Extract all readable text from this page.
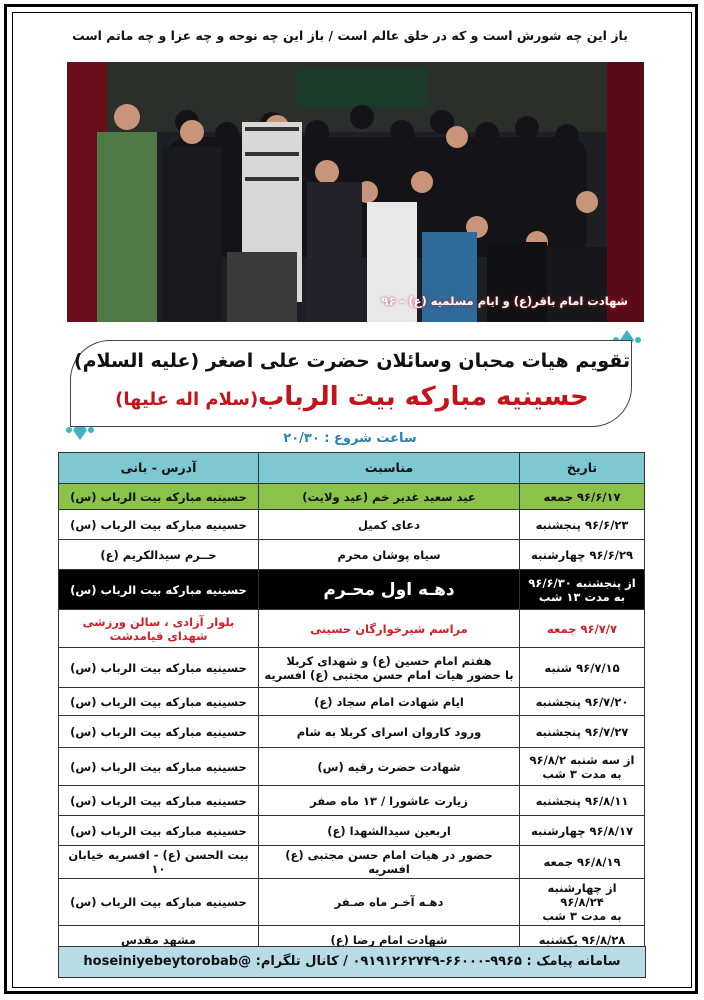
باز این چه شورش است و که در خلق عالم است / باز این چه نوحه و چه عزا و چه ماتم است
شهادت امام باقر(ع) و ایام مسلمیه (ع) - ۹۶
تقویم هیات محبان وسائلان حضرت علی اصغر (علیه السلام)
حسینیه مبارکه بیت الرباب(سلام اله علیها)
ساعت شروع : ۲۰/۳۰
تاریخ	مناسبت	آدرس - بانی
۹۶/۶/۱۷ جمعه	عید سعید غدیر خم (عید ولایت)	حسینیه مبارکه بیت الرباب (س)
۹۶/۶/۲۳ پنجشنبه	دعای کمیل	حسینیه مبارکه بیت الرباب (س)
۹۶/۶/۲۹ چهارشنبه	سیاه پوشان محرم	حــرم سیدالکریم (ع)

از پنجشنبه ۹۶/۶/۳۰
به مدت ۱۳ شب	دهـه اول محـرم	حسینیه مبارکه بیت الرباب (س)
۹۶/۷/۷ جمعه	مراسم شیرخوارگان حسینی	بلوار آزادی ، سالن ورزشی
شهدای قیامدشت

۹۶/۷/۱۵ شنبه	هفتم امام حسین (ع) و شهدای کربلا
با حضور هیات امام حسن مجتبی (ع) افسریه	حسینیه مبارکه بیت الرباب (س)
۹۶/۷/۲۰ پنجشنبه	ایام شهادت امام سجاد (ع)	حسینیه مبارکه بیت الرباب (س)
۹۶/۷/۲۷ پنجشنبه	ورود کاروان اسرای کربلا به شام	حسینیه مبارکه بیت الرباب (س)

از سه شنبه ۹۶/۸/۲
به مدت ۳ شب	شهادت حضرت رقیه (س)	حسینیه مبارکه بیت الرباب (س)
۹۶/۸/۱۱ پنجشنبه	زیارت عاشورا / ۱۳ ماه صفر	حسینیه مبارکه بیت الرباب (س)
۹۶/۸/۱۷ چهارشنبه	اربعین سیدالشهدا (ع)	حسینیه مبارکه بیت الرباب (س)
۹۶/۸/۱۹ جمعه	حضور در هیات امام حسن مجتبی (ع) افسریه	بیت الحسن (ع) - افسریه خیابان ۱۰

از چهارشنبه ۹۶/۸/۲۴
به مدت ۳ شب	دهـه آخـر ماه صـفر	حسینیه مبارکه بیت الرباب (س)
۹۶/۸/۲۸ یکشنبه	شهادت امام رضا (ع)	مشهد مقدس
سامانه پیامک : ۹۹۶۵-۶۶۰۰۰-۰۹۱۹۱۲۶۲۷۴۹ / کانال تلگرام: @hoseiniyebeytorobab
